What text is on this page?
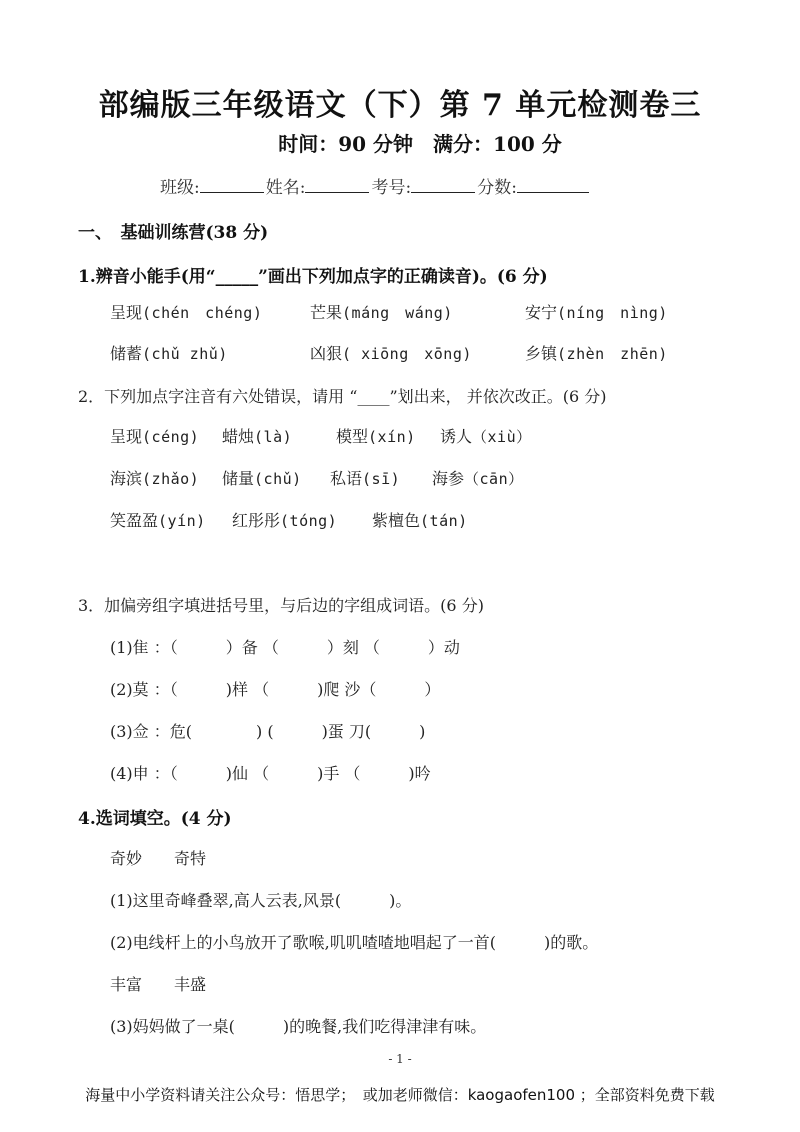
部编版三年级语文（下）第 7 单元检测卷三
时间：90 分钟　满分：100 分
班级:	姓名:	考号:	分数:
一、　基础训练营(38 分)
1.辨音小能手(用“_____”画出下列加点字的正确读音)。(6 分)
呈现(chén　chéng)	芒果(máng　wáng)	安宁(níng　nìng)
储蓄(chǔ zhǔ)	凶狠( xiōng　xōng)	乡镇(zhèn　zhēn)
2．下列加点字注音有六处错误，请用 “____”划出来， 并依次改正。(6 分)
呈现(céng) 蜡烛(là)	模型(xín) 诱人（xiù）
海滨(zhǎo) 储量(chǔ) 私语(sī) 海参（cān）
笑盈盈(yín) 红彤彤(tóng) 紫檀色(tán)
3．加偏旁组字填进括号里，与后边的字组成词语。(6 分)
(1)隹 ：（　　　）备 （　　　）刻 （　　　）动
(2)莫 ：（　　　)样 （　　　)爬 沙（　　　）
(3)佥 ：危(　　　　) (　　　)蛋 刀(　　　)
(4)申 ：（　　　)仙 （　　　)手 （　　　)吟
4.选词填空。(4 分)
奇妙　　奇特
(1)这里奇峰叠翠,高人云表,风景(　　　)。
(2)电线杆上的小鸟放开了歌喉,叽叽喳喳地唱起了一首(　　　)的歌。
丰富　　丰盛
(3)妈妈做了一桌(　　　)的晚餐,我们吃得津津有味。
- 1 -
海量中小学资料请关注公众号：悟思学；　或加老师微信：kaogaofen100 ；全部资料免费下载
